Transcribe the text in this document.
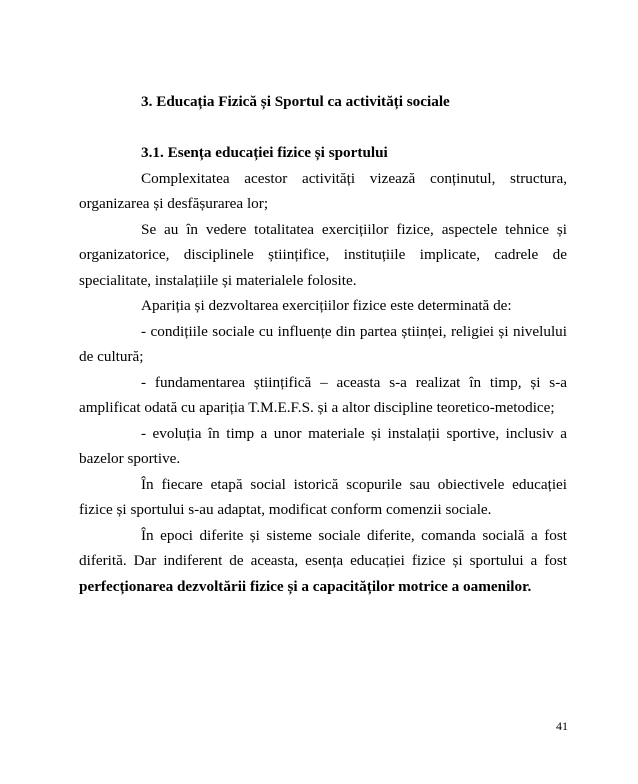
3. Educația Fizică și Sportul ca activități sociale

3.1. Esența educației fizice și sportului

Complexitatea acestor activități vizează conținutul, structura, organizarea și desfășurarea lor;

Se au în vedere totalitatea exercițiilor fizice, aspectele tehnice și organizatorice, disciplinele științifice, instituțiile implicate, cadrele de specialitate, instalațiile și materialele folosite.

Apariția și dezvoltarea exercițiilor fizice este determinată de:

- condițiile sociale cu influențe din partea științei, religiei și nivelului de cultură;

- fundamentarea științifică – aceasta s-a realizat în timp, și s-a amplificat odată cu apariția T.M.E.F.S. și a altor discipline teoretico-metodice;

- evoluția în timp a unor materiale și instalații sportive, inclusiv a bazelor sportive.

În fiecare etapă social istorică scopurile sau obiectivele educației fizice și sportului s-au adaptat, modificat conform comenzii sociale.

În epoci diferite și sisteme sociale diferite, comanda socială a fost diferită. Dar indiferent de aceasta, esența educației fizice și sportului a fost perfecționarea dezvoltării fizice și a capacităților motrice a oamenilor.

41
